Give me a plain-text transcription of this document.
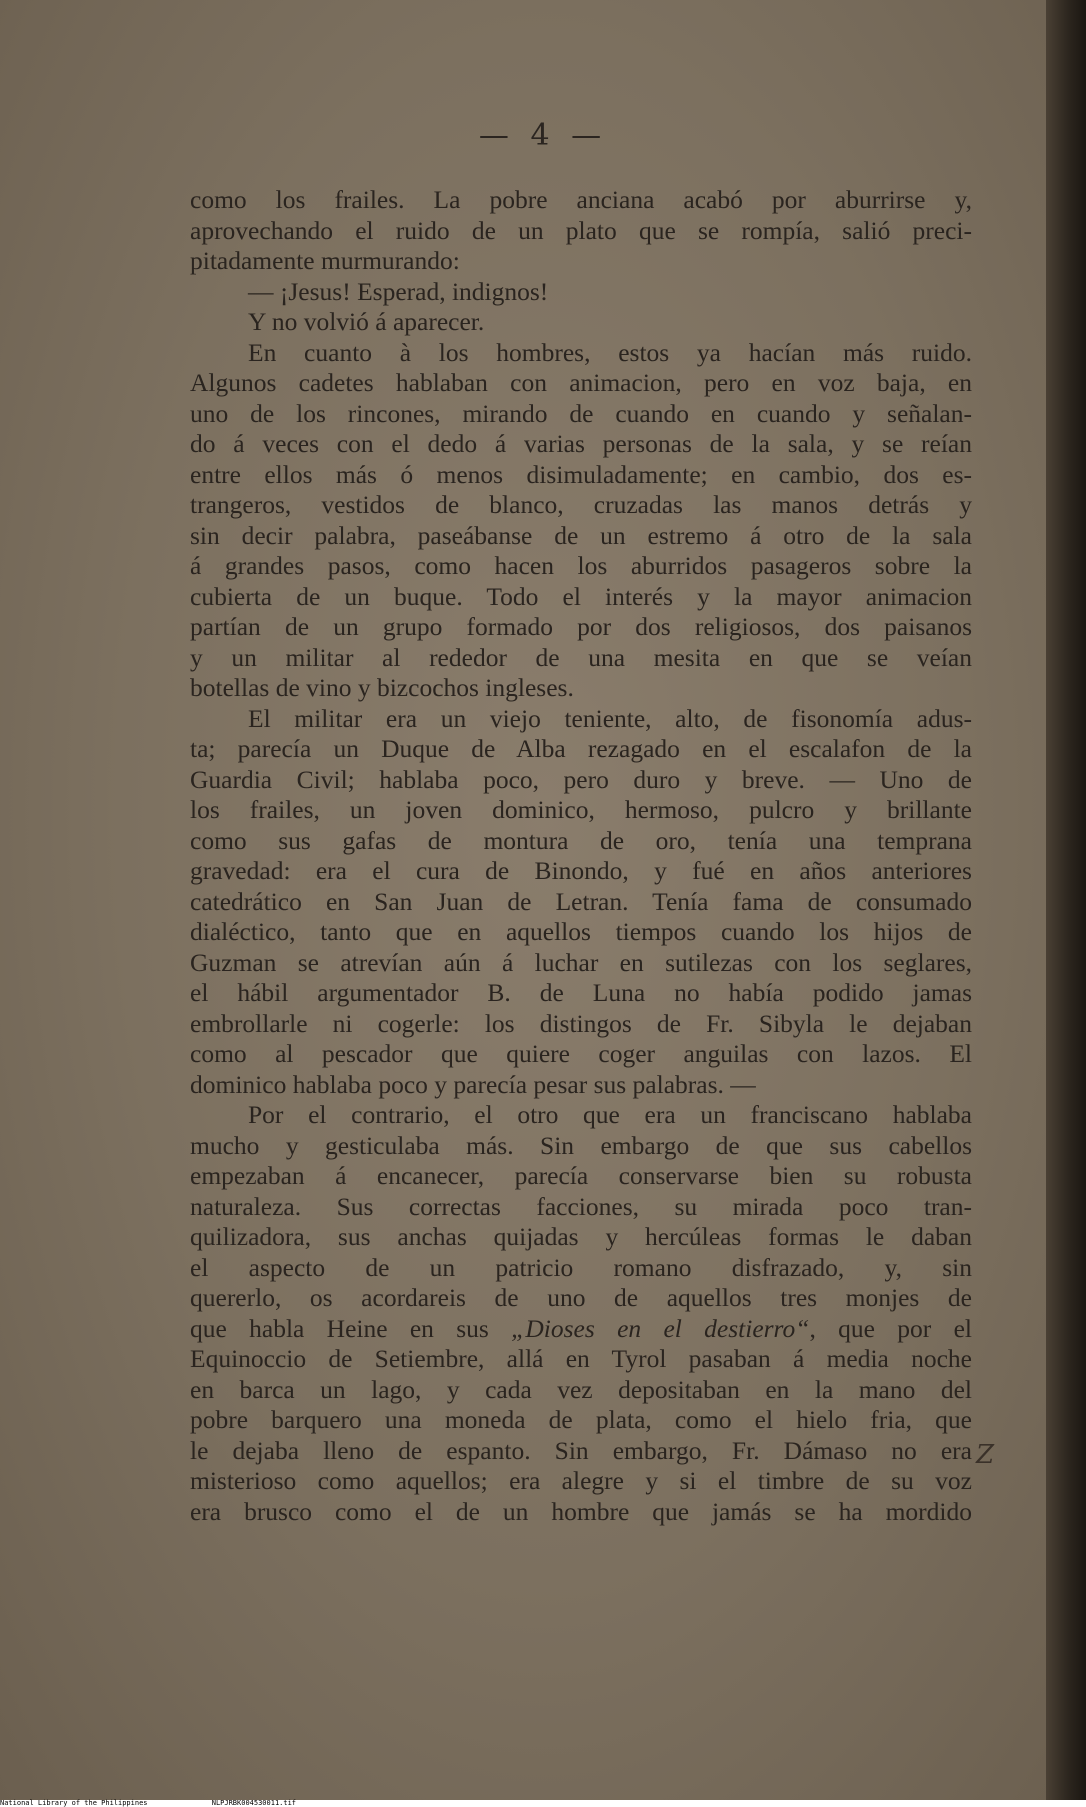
— 4 —
como los frailes. La pobre anciana acabó por aburrirse y,
aprovechando el ruido de un plato que se rompía, salió preci-
pitadamente murmurando:
— ¡Jesus! Esperad, indignos!
Y no volvió á aparecer.
En cuanto à los hombres, estos ya hacían más ruido.
Algunos cadetes hablaban con animacion, pero en voz baja, en
uno de los rincones, mirando de cuando en cuando y señalan-
do á veces con el dedo á varias personas de la sala, y se reían
entre ellos más ó menos disimuladamente; en cambio, dos es-
trangeros, vestidos de blanco, cruzadas las manos detrás y
sin decir palabra, paseábanse de un estremo á otro de la sala
á grandes pasos, como hacen los aburridos pasageros sobre la
cubierta de un buque. Todo el interés y la mayor animacion
partían de un grupo formado por dos religiosos, dos paisanos
y un militar al rededor de una mesita en que se veían
botellas de vino y bizcochos ingleses.
El militar era un viejo teniente, alto, de fisonomía adus-
ta; parecía un Duque de Alba rezagado en el escalafon de la
Guardia Civil; hablaba poco, pero duro y breve. — Uno de
los frailes, un joven dominico, hermoso, pulcro y brillante
como sus gafas de montura de oro, tenía una temprana
gravedad: era el cura de Binondo, y fué en años anteriores
catedrático en San Juan de Letran. Tenía fama de consumado
dialéctico, tanto que en aquellos tiempos cuando los hijos de
Guzman se atrevían aún á luchar en sutilezas con los seglares,
el hábil argumentador B. de Luna no había podido jamas
embrollarle ni cogerle: los distingos de Fr. Sibyla le dejaban
como al pescador que quiere coger anguilas con lazos. El
dominico hablaba poco y parecía pesar sus palabras. —
Por el contrario, el otro que era un franciscano hablaba
mucho y gesticulaba más. Sin embargo de que sus cabellos
empezaban á encanecer, parecía conservarse bien su robusta
naturaleza. Sus correctas facciones, su mirada poco tran-
quilizadora, sus anchas quijadas y hercúleas formas le daban
el aspecto de un patricio romano disfrazado, y, sin
quererlo, os acordareis de uno de aquellos tres monjes de
que habla Heine en sus „Dioses en el destierro“, que por el
Equinoccio de Setiembre, allá en Tyrol pasaban á media noche
en barca un lago, y cada vez depositaban en la mano del
pobre barquero una moneda de plata, como el hielo fria, que
le dejaba lleno de espanto. Sin embargo, Fr. Dámaso no era
misterioso como aquellos; era alegre y si el timbre de su voz
era brusco como el de un hombre que jamás se ha mordido
Z
National Library of the Philippines	NLPJRBK004530011.tif
